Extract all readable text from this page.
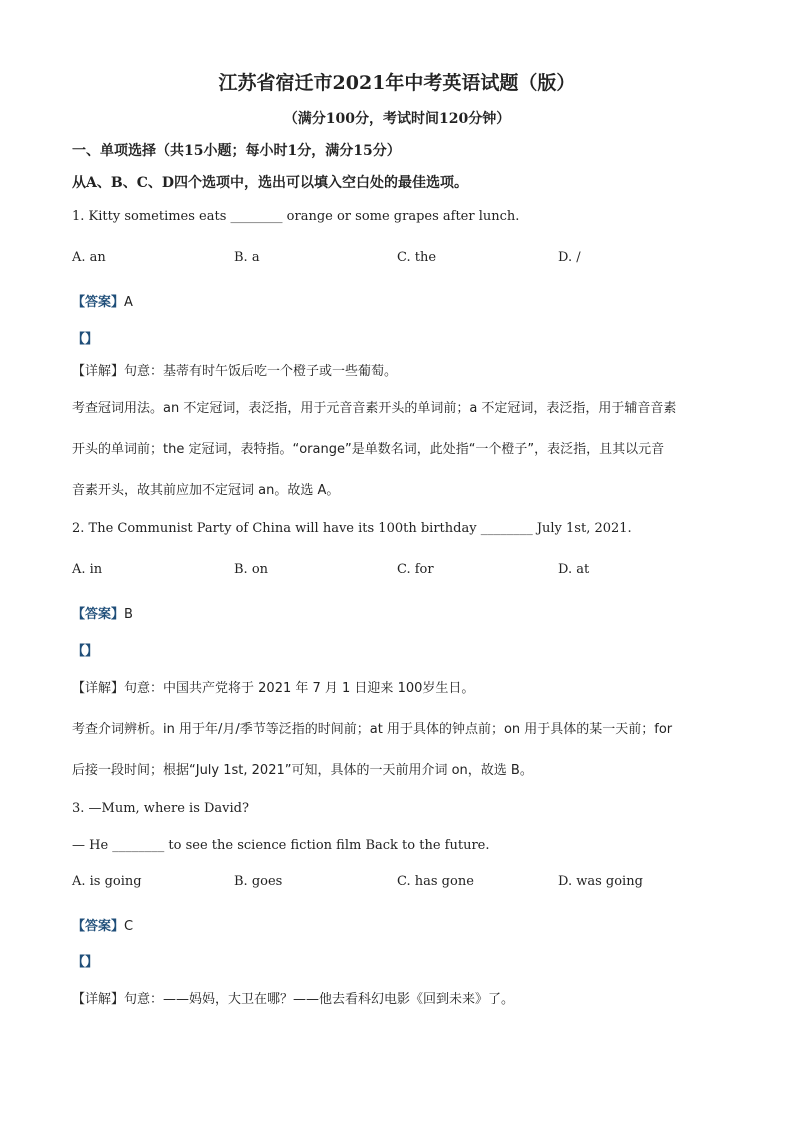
江苏省宿迁市2021年中考英语试题（版）
（满分100分，考试时间120分钟）
一、单项选择（共15小题；每小时1分，满分15分）
从A、B、C、D四个选项中，选出可以填入空白处的最佳选项。
1. Kitty sometimes eats ________ orange or some grapes after lunch.
A. an	B. a	C. the	D. /
【答案】A
【】
【详解】句意：基蒂有时午饭后吃一个橙子或一些葡萄。
考查冠词用法。an 不定冠词，表泛指，用于元音音素开头的单词前；a 不定冠词，表泛指，用于辅音音素
开头的单词前；the 定冠词，表特指。“orange”是单数名词，此处指“一个橙子”，表泛指，且其以元音
音素开头，故其前应加不定冠词 an。故选 A。
2. The Communist Party of China will have its 100th birthday ________ July 1st, 2021.
A. in	B. on	C. for	D. at
【答案】B
【】
【详解】句意：中国共产党将于 2021 年 7 月 1 日迎来 100岁生日。
考查介词辨析。in 用于年/月/季节等泛指的时间前；at 用于具体的钟点前；on 用于具体的某一天前；for
后接一段时间；根据“July 1st, 2021”可知，具体的一天前用介词 on，故选 B。
3. —Mum, where is David?
— He ________ to see the science fiction film Back to the future.
A. is going	B. goes	C. has gone	D. was going
【答案】C
【】
【详解】句意：——妈妈，大卫在哪？——他去看科幻电影《回到未来》了。
